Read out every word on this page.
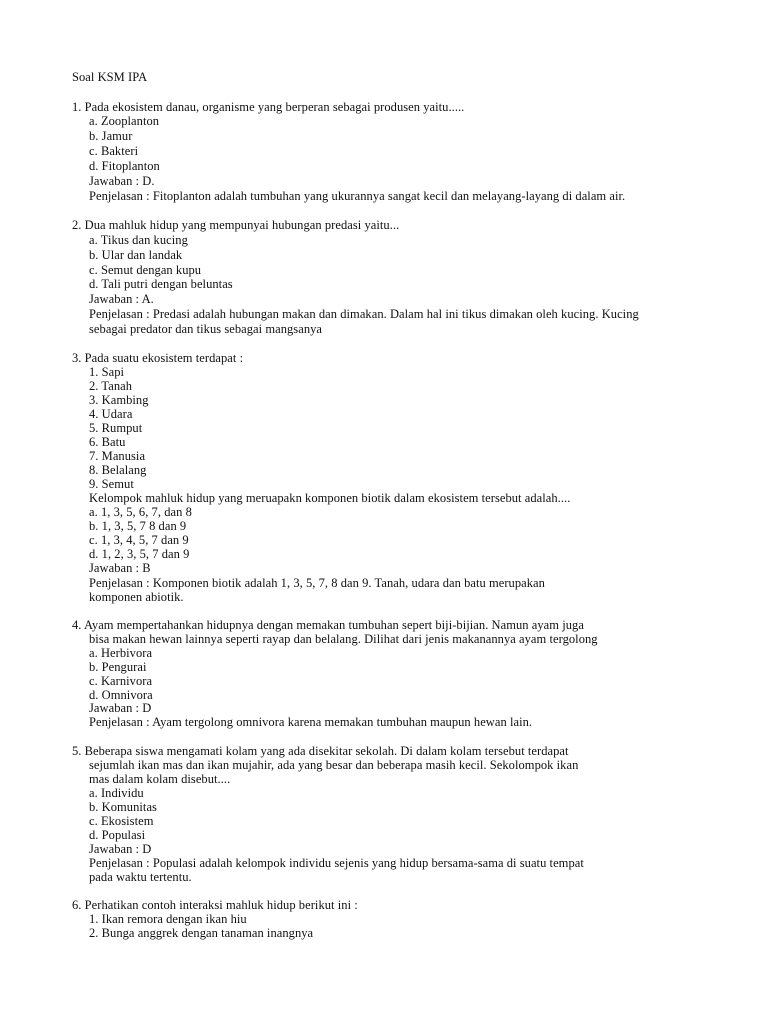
Soal KSM IPA
1. Pada ekosistem danau, organisme yang berperan sebagai produsen yaitu.....
a. Zooplanton
b. Jamur
c. Bakteri
d. Fitoplanton
Jawaban : D.
Penjelasan : Fitoplanton adalah tumbuhan yang ukurannya sangat kecil dan melayang-layang di dalam air.
2. Dua mahluk hidup yang mempunyai hubungan predasi yaitu...
a. Tikus dan kucing
b. Ular dan landak
c. Semut dengan kupu
d. Tali putri dengan beluntas
Jawaban : A.
Penjelasan : Predasi adalah hubungan makan dan dimakan. Dalam hal ini tikus dimakan oleh kucing. Kucing
sebagai predator dan tikus sebagai mangsanya
3. Pada suatu ekosistem terdapat :
1. Sapi
2. Tanah
3. Kambing
4. Udara
5. Rumput
6. Batu
7. Manusia
8. Belalang
9. Semut
Kelompok mahluk hidup yang meruapakn komponen biotik dalam ekosistem tersebut adalah....
a. 1, 3, 5, 6, 7, dan 8
b. 1, 3, 5, 7 8 dan 9
c. 1, 3, 4, 5, 7 dan 9
d. 1, 2, 3, 5, 7 dan 9
Jawaban : B
Penjelasan : Komponen biotik adalah 1, 3, 5, 7, 8 dan 9. Tanah, udara dan batu merupakan
komponen abiotik.
4. Ayam mempertahankan hidupnya dengan memakan tumbuhan sepert biji-bijian. Namun ayam juga
bisa makan hewan lainnya seperti rayap dan belalang. Dilihat dari jenis makanannya ayam tergolong
a. Herbivora
b. Pengurai
c. Karnivora
d. Omnivora
Jawaban : D
Penjelasan : Ayam tergolong omnivora karena memakan tumbuhan maupun hewan lain.
5. Beberapa siswa mengamati kolam yang ada disekitar sekolah. Di dalam kolam tersebut terdapat
sejumlah ikan mas dan ikan mujahir, ada yang besar dan beberapa masih kecil. Sekolompok ikan
mas dalam kolam disebut....
a. Individu
b. Komunitas
c. Ekosistem
d. Populasi
Jawaban : D
Penjelasan : Populasi adalah kelompok individu sejenis yang hidup bersama-sama di suatu tempat
pada waktu tertentu.
6. Perhatikan contoh interaksi mahluk hidup berikut ini :
1. Ikan remora dengan ikan hiu
2. Bunga anggrek dengan tanaman inangnya
